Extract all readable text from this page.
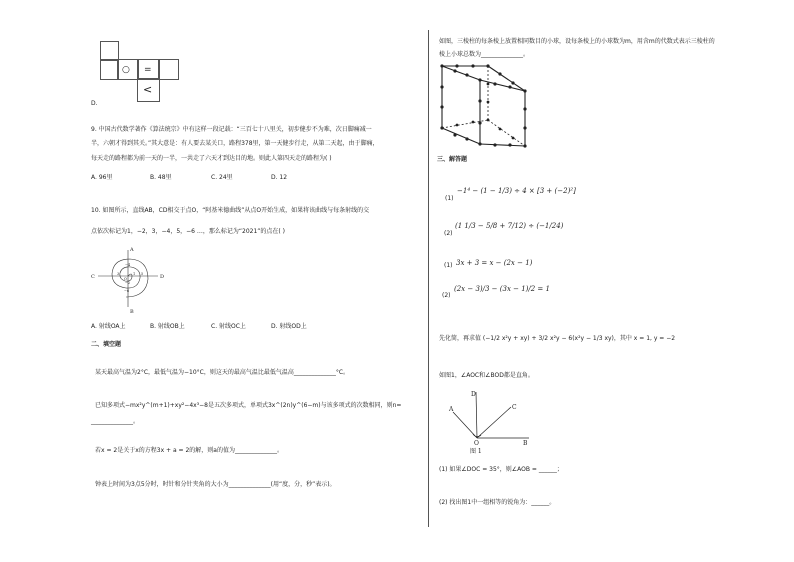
○ =
<
D.
9. 中国古代数学著作《算法统宗》中有这样一段记载：“三百七十八里关，初步健步不为难，次日脚痛减一
半，六朝才得到其关。”其大意是：有人要去某关口，路程378里，第一天健步行走，从第二天起，由于脚痛，
每天走的路程都为前一天的一半，一共走了六天才到达目的地。则此人第四天走的路程为( )
A. 96里	B. 48里	C. 24里	D. 12
10. 如图所示，直线AB，CD相交于点O，“阿基米德曲线”从点O开始生成，如果将该曲线与每条射线的交
点依次标记为1，−2，3，−4，5，−6 …，那么标记为“2021”的点在( )
C	D
A
B
O
1
−2
3
−4
5
−6
A. 射线OA上	B. 射线OB上	C. 射线OC上	D. 射线OD上
二、填空题
某天最高气温为2°C，最低气温为−10°C，则这天的最高气温比最低气温高______________°C。
已知多项式−mx²y^(m+1)+xy²−4x³−8是五次多项式，单项式3x^(2n)y^(6−m)与该多项式的次数相同，则n=
______________。
若x = 2是关于x的方程3x + a = 2的解，则a的值为______________。
钟表上时间为3点5分时，时针和分针夹角的大小为______________(用“度，分，秒”表示)。
如图，三棱柱的每条棱上放置相同数目的小球，设每条棱上的小球数为m，用含m的代数式表示三棱柱的
棱上小球总数为______________。
三、解答题
(1)
−1⁴ − (1 − 1/3) ÷ 4 × [3 + (−2)²]
(2)
(1 1/3 − 5/8 + 7/12) ÷ (−1/24)
(1) 3x + 3 = x − (2x − 1)
(2)
(2x − 3)/3 − (3x − 1)/2 = 1
先化简，再求值 (−1/2 x²y + xy) + 3/2 x²y − 6(x²y − 1/3 xy)，其中 x = 1, y = −2
如图1，∠AOC和∠BOD都是直角。
A
D
C
O	B
图 1
(1) 如果∠DOC = 35°，则∠AOB = ______；
(2) 找出图1中一组相等的锐角为：______。
